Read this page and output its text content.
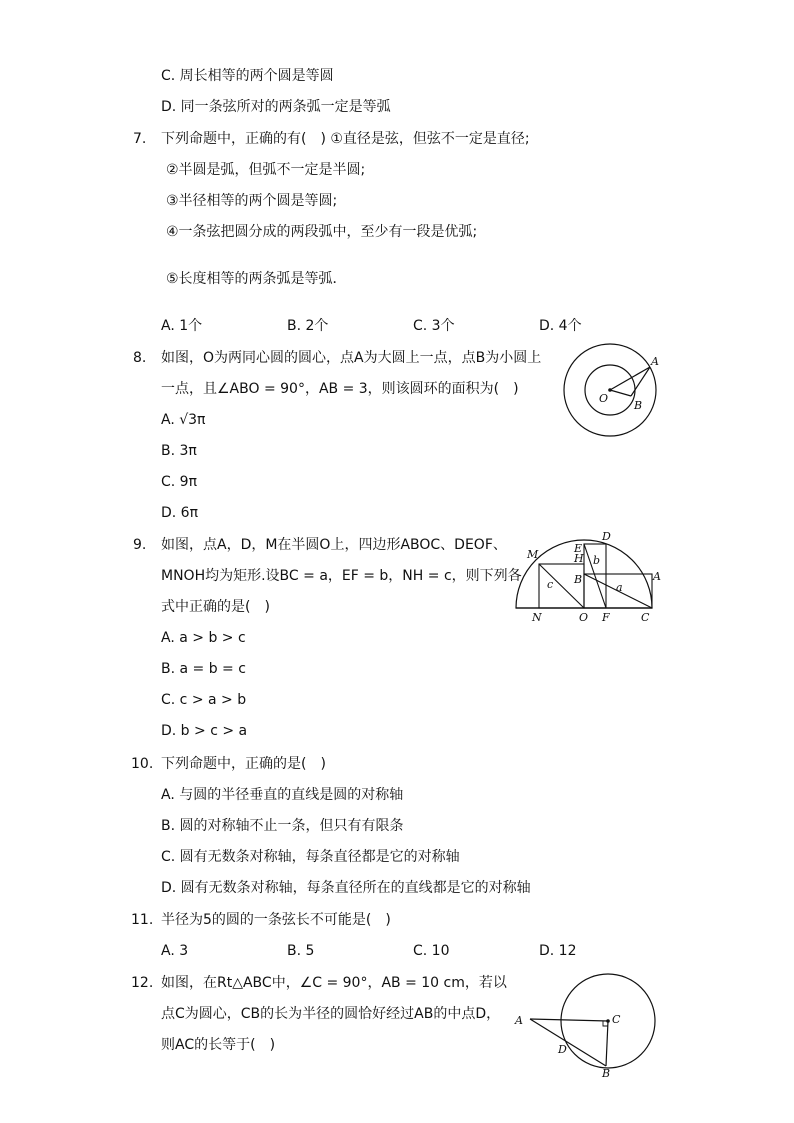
C. 周长相等的两个圆是等圆
D. 同一条弦所对的两条弧一定是等弧
7. 下列命题中，正确的有(　) ①直径是弦，但弦不一定是直径;
②半圆是弧，但弧不一定是半圆;
③半径相等的两个圆是等圆;
④一条弦把圆分成的两段弧中，至少有一段是优弧;
⑤长度相等的两条弧是等弧．
A. 1个	B. 2个	C. 3个	D. 4个
8. 如图，O为两同心圆的圆心，点A为大圆上一点，点B为小圆上
一点，且∠ABO = 90°，AB = 3，则该圆环的面积为(　)
A. √3π
B. 3π
C. 9π
D. 6π
A
O
B
9. 如图，点A，D，M在半圆O上，四边形ABOC、DEOF、
MNOH均为矩形.设BC = a，EF = b，NH = c，则下列各
式中正确的是(　)
A. a > b > c
B. a = b = c
C. c > a > b
D. b > c > a
M
D
E
H b
c B
a
A
N	O F	C
10. 下列命题中，正确的是(　)
A. 与圆的半径垂直的直线是圆的对称轴
B. 圆的对称轴不止一条，但只有有限条
C. 圆有无数条对称轴，每条直径都是它的对称轴
D. 圆有无数条对称轴，每条直径所在的直线都是它的对称轴
11. 半径为5的圆的一条弦长不可能是(　)
A. 3	B. 5	C. 10	D. 12
12. 如图，在Rt△ABC中，∠C = 90°，AB = 10 cm，若以
点C为圆心，CB的长为半径的圆恰好经过AB的中点D，
则AC的长等于(　)
A	C
D
B
